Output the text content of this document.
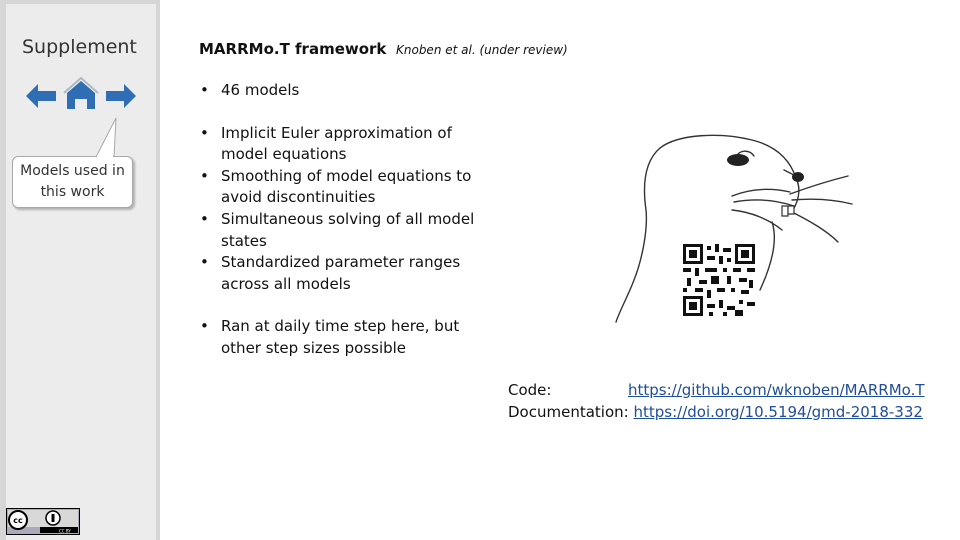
Supplement
Models used in this work
cc
CC BY
MARRMo.T framework Knoben et al. (under review)
• 46 models
• Implicit Euler approximation of model equations
• Smoothing of model equations to avoid discontinuities
• Simultaneous solving of all model states
• Standardized parameter ranges across all models
• Ran at daily time step here, but other step sizes possible
Code:	https://github.com/wknoben/MARRMo.T
Documentation: https://doi.org/10.5194/gmd-2018-332
